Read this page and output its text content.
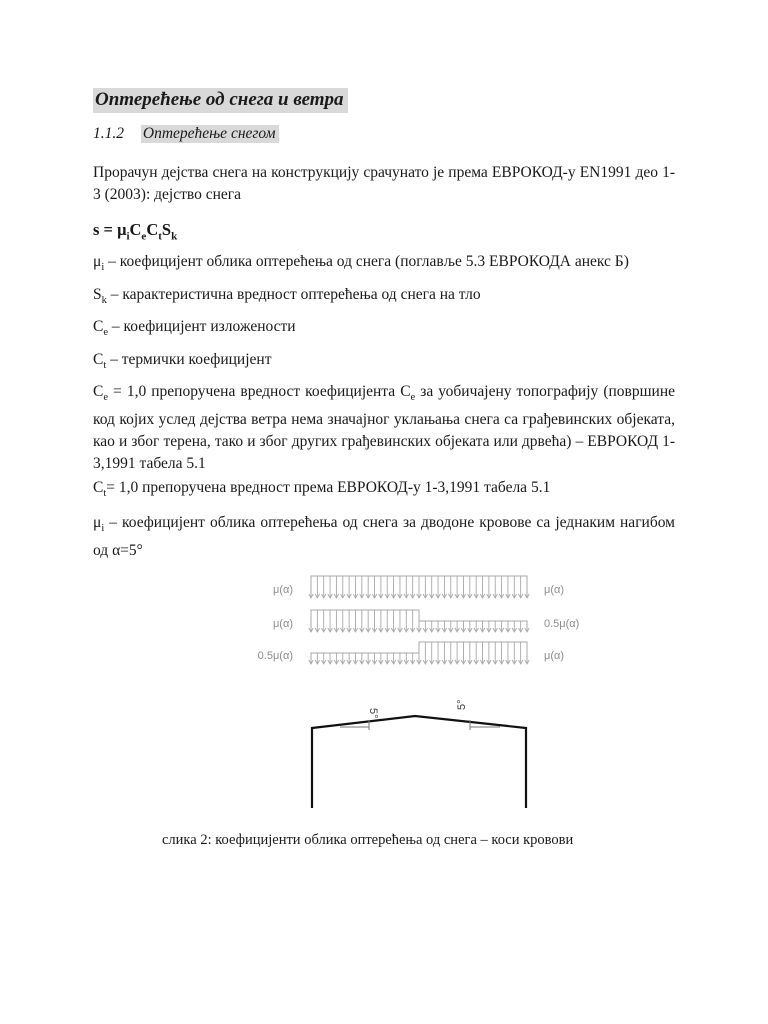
Оптерећење од снега и ветра
1.1.2 Оптерећење снегом
Прорачун дејства снега на конструкцију срачунато је према ЕВРОКОД-у EN1991 део 1-3 (2003): дејство снега
$s = \mu_iC_eC_tS_k$
$\mu_i$ – коефицијент облика оптерећења од снега (поглавље 5.3 ЕВРОКОДА анекс Б)
$S_k$ – карактеристична вредност оптерећења од снега на тло
$C_e$ – коефицијент изложености
$C_t$ – термички коефицијент
$C_e = 1,0$ препоручена вредност коефицијента $C_e$ за уобичајену топографију (површине код којих услед дејства ветра нема значајног уклањања снега са грађевинских објеката, као и због терена, тако и због других грађевинских објеката или дрвећа) – ЕВРОКОД 1-3,1991 табела 5.1
$C_t= 1,0$ препоручена вредност према ЕВРОКОД-у 1-3,1991 табела 5.1
$\mu_i$ – коефицијент облика оптерећења од снега за дводоне кровове са једнаким нагибом од α=5°
μ(α)	μ(α)
μ(α)	0.5μ(α)
0.5μ(α)	μ(α)
5°
5°
слика 2: коефицијенти облика оптерећења од снега – коси кровови
